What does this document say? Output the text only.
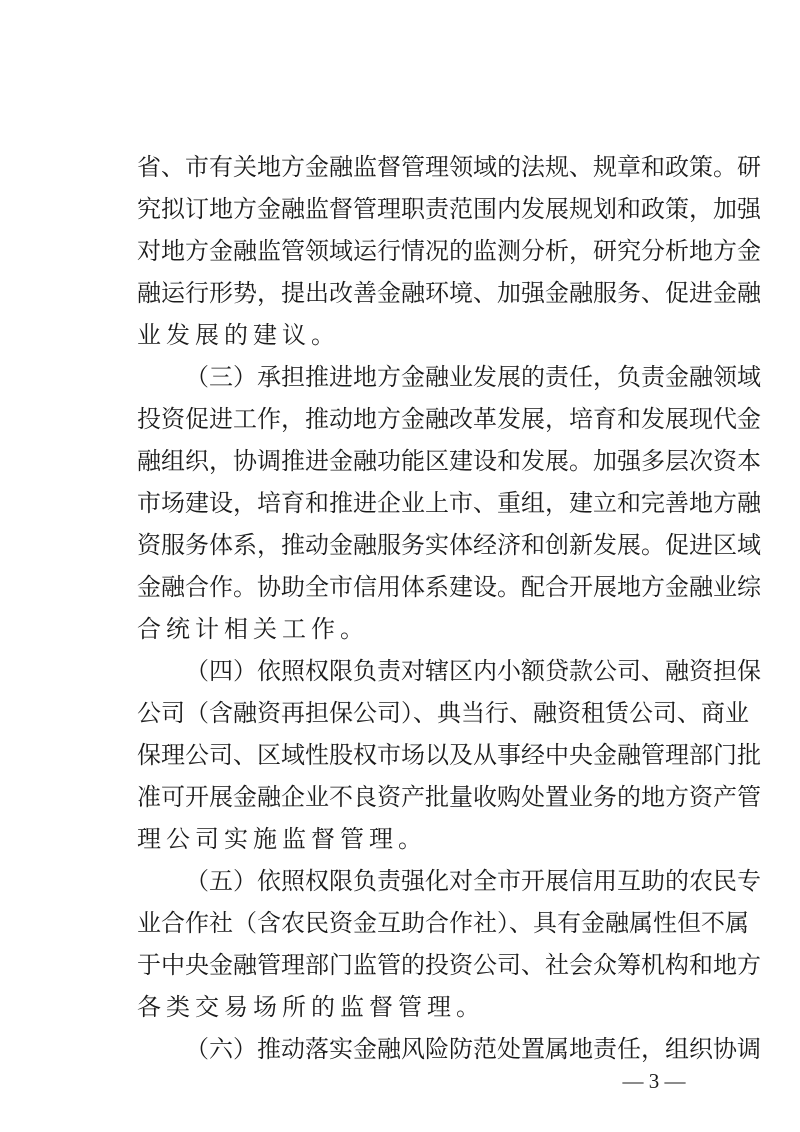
省、市有关地方金融监督管理领域的法规、规章和政策。研
究拟订地方金融监督管理职责范围内发展规划和政策，加强
对地方金融监管领域运行情况的监测分析，研究分析地方金
融运行形势，提出改善金融环境、加强金融服务、促进金融
业发展的建议。
（三）承担推进地方金融业发展的责任，负责金融领域
投资促进工作，推动地方金融改革发展，培育和发展现代金
融组织，协调推进金融功能区建设和发展。加强多层次资本
市场建设，培育和推进企业上市、重组，建立和完善地方融
资服务体系，推动金融服务实体经济和创新发展。促进区域
金融合作。协助全市信用体系建设。配合开展地方金融业综
合统计相关工作。
（四）依照权限负责对辖区内小额贷款公司、融资担保
公司（含融资再担保公司）、典当行、融资租赁公司、商业
保理公司、区域性股权市场以及从事经中央金融管理部门批
准可开展金融企业不良资产批量收购处置业务的地方资产管
理公司实施监督管理。
（五）依照权限负责强化对全市开展信用互助的农民专
业合作社（含农民资金互助合作社）、具有金融属性但不属
于中央金融管理部门监管的投资公司、社会众筹机构和地方
各类交易场所的监督管理。
（六）推动落实金融风险防范处置属地责任，组织协调
— 3 —
